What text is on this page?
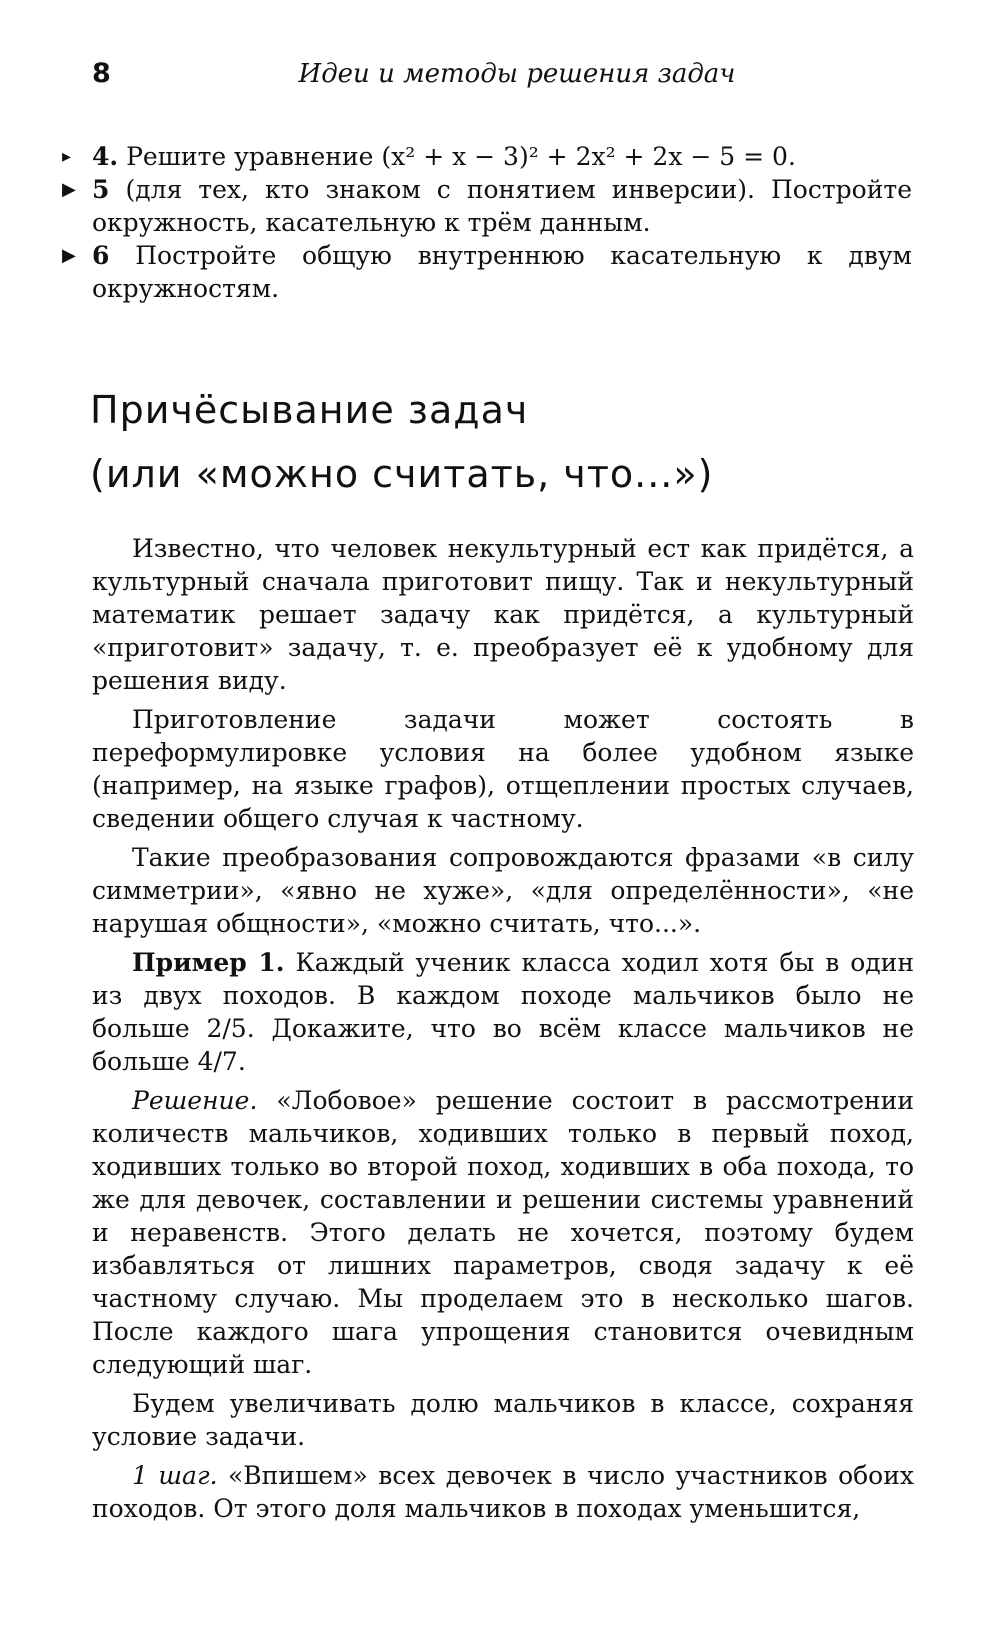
8	Идеи и методы решения задач
▸ 4. Решите уравнение (x² + x − 3)² + 2x² + 2x − 5 = 0.
▶ 5 (для тех, кто знаком с понятием инверсии). Постройте окружность, касательную к трём данным.
▶ 6 Постройте общую внутреннюю касательную к двум окружностям.
Причёсывание задач
(или «можно считать, что...»)

Известно, что человек некультурный ест как придётся, а культурный сначала приготовит пищу. Так и некультурный математик решает задачу как придётся, а культурный «приготовит» задачу, т. е. преобразует её к удобному для решения виду.

Приготовление задачи может состоять в переформулировке условия на более удобном языке (например, на языке графов), отщеплении простых случаев, сведении общего случая к частному.

Такие преобразования сопровождаются фразами «в силу симметрии», «явно не хуже», «для определённости», «не нарушая общности», «можно считать, что...».

Пример 1. Каждый ученик класса ходил хотя бы в один из двух походов. В каждом походе мальчиков было не больше 2/5. Докажите, что во всём классе мальчиков не больше 4/7.

Решение. «Лобовое» решение состоит в рассмотрении количеств мальчиков, ходивших только в первый поход, ходивших только во второй поход, ходивших в оба похода, то же для девочек, составлении и решении системы уравнений и неравенств. Этого делать не хочется, поэтому будем избавляться от лишних параметров, сводя задачу к её частному случаю. Мы проделаем это в несколько шагов. После каждого шага упрощения становится очевидным следующий шаг.

Будем увеличивать долю мальчиков в классе, сохраняя условие задачи.

1 шаг. «Впишем» всех девочек в число участников обоих походов. От этого доля мальчиков в походах уменьшится,
